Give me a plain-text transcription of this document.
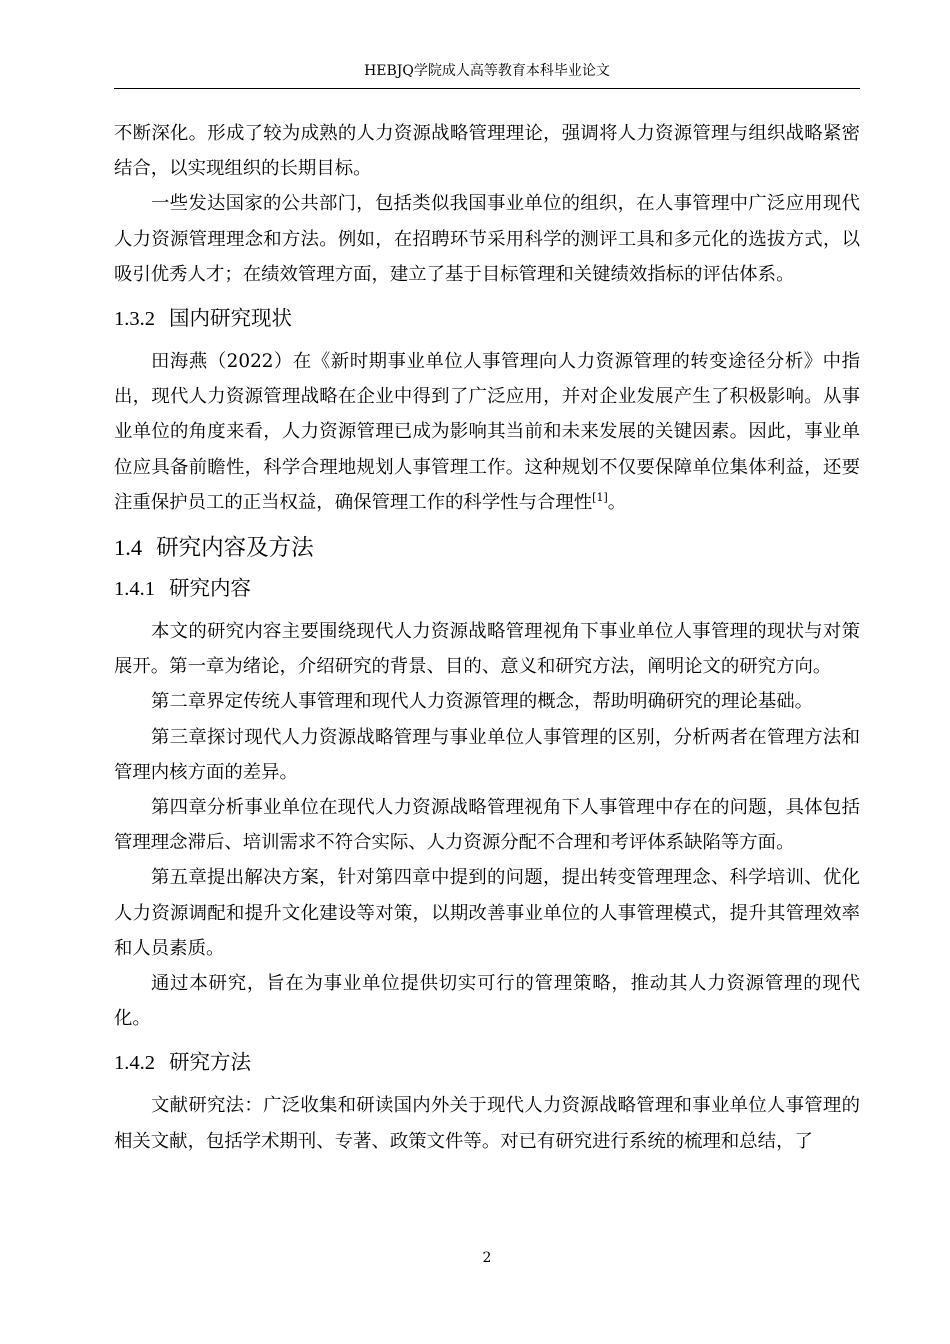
HEBJQ学院成人高等教育本科毕业论文

不断深化。形成了较为成熟的人力资源战略管理理论，强调将人力资源管理与组织战略紧密结合，以实现组织的长期目标。

一些发达国家的公共部门，包括类似我国事业单位的组织，在人事管理中广泛应用现代人力资源管理理念和方法。例如，在招聘环节采用科学的测评工具和多元化的选拔方式，以吸引优秀人才；在绩效管理方面，建立了基于目标管理和关键绩效指标的评估体系。

1.3.2 国内研究现状

田海燕（2022）在《新时期事业单位人事管理向人力资源管理的转变途径分析》中指出，现代人力资源管理战略在企业中得到了广泛应用，并对企业发展产生了积极影响。从事业单位的角度来看，人力资源管理已成为影响其当前和未来发展的关键因素。因此，事业单位应具备前瞻性，科学合理地规划人事管理工作。这种规划不仅要保障单位集体利益，还要注重保护员工的正当权益，确保管理工作的科学性与合理性[1]。

1.4 研究内容及方法
1.4.1 研究内容

本文的研究内容主要围绕现代人力资源战略管理视角下事业单位人事管理的现状与对策展开。第一章为绪论，介绍研究的背景、目的、意义和研究方法，阐明论文的研究方向。

第二章界定传统人事管理和现代人力资源管理的概念，帮助明确研究的理论基础。

第三章探讨现代人力资源战略管理与事业单位人事管理的区别，分析两者在管理方法和管理内核方面的差异。

第四章分析事业单位在现代人力资源战略管理视角下人事管理中存在的问题，具体包括管理理念滞后、培训需求不符合实际、人力资源分配不合理和考评体系缺陷等方面。

第五章提出解决方案，针对第四章中提到的问题，提出转变管理理念、科学培训、优化人力资源调配和提升文化建设等对策，以期改善事业单位的人事管理模式，提升其管理效率和人员素质。

通过本研究，旨在为事业单位提供切实可行的管理策略，推动其人力资源管理的现代化。

1.4.2 研究方法

文献研究法：广泛收集和研读国内外关于现代人力资源战略管理和事业单位人事管理的相关文献，包括学术期刊、专著、政策文件等。对已有研究进行系统的梳理和总结，了

2
